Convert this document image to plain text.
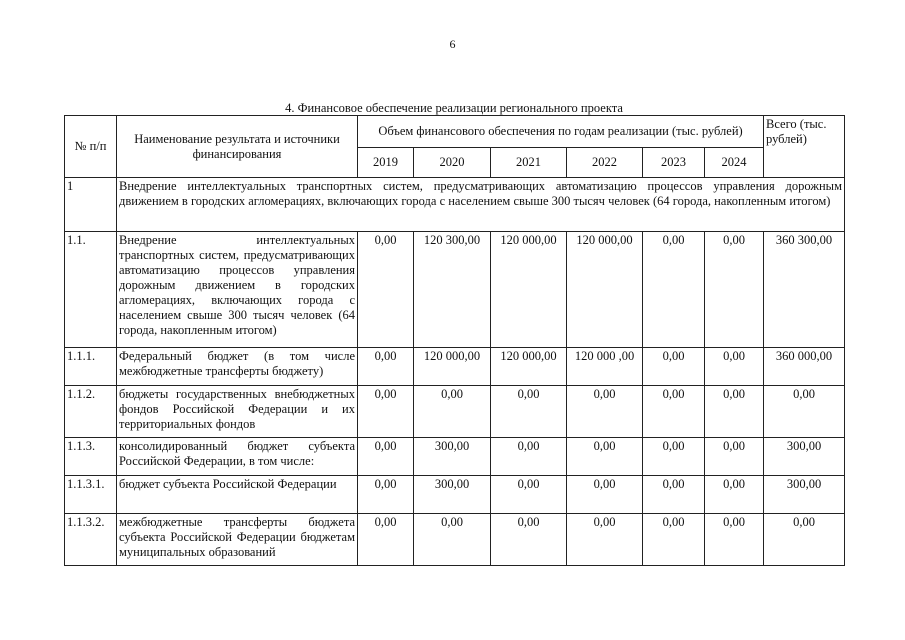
6
4. Финансовое обеспечение реализации регионального проекта
№ п/п	Наименование результата и источники финансирования	Объем финансового обеспечения по годам реализации (тыс. рублей)						Всего (тыс. рублей)
		2019	2020	2021	2022	2023	2024	
1	Внедрение интеллектуальных транспортных систем, предусматривающих автоматизацию процессов управления дорожным движением в городских агломерациях, включающих города с населением свыше 300 тысяч человек (64 города, накопленным итогом)							
1.1.	Внедрение интеллектуальных транспортных систем, предусматривающих автоматизацию процессов управления дорожным движением в городских агломерациях, включающих города с населением свыше 300 тысяч человек (64 города, накопленным итогом)	0,00	120 300,00	120 000,00	120 000,00	0,00	0,00	360 300,00
1.1.1.	Федеральный бюджет (в том числе межбюджетные трансферты бюджету)	0,00	120 000,00	120 000,00	120 000 ,00	0,00	0,00	360 000,00
1.1.2.	бюджеты государственных внебюджетных фондов Российской Федерации и их территориальных фондов	0,00	0,00	0,00	0,00	0,00	0,00	0,00
1.1.3.	консолидированный бюджет субъекта Российской Федерации, в том числе:	0,00	300,00	0,00	0,00	0,00	0,00	300,00
1.1.3.1.	бюджет субъекта Российской Федерации	0,00	300,00	0,00	0,00	0,00	0,00	300,00
1.1.3.2.	межбюджетные трансферты бюджета субъекта Российской Федерации бюджетам муниципальных образований	0,00	0,00	0,00	0,00	0,00	0,00	0,00
